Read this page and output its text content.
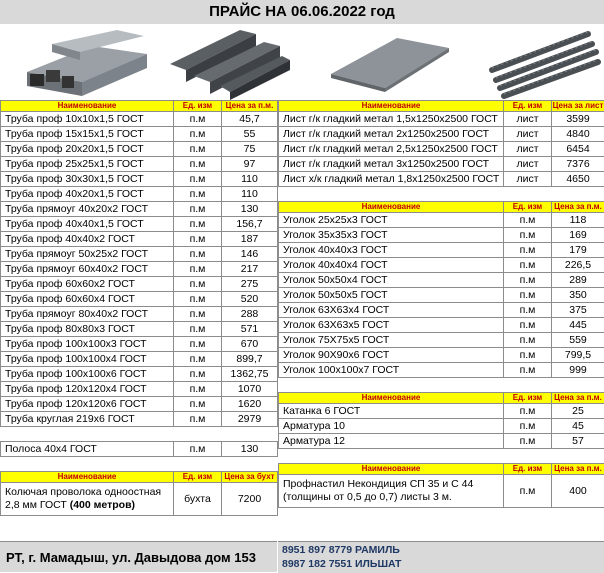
ПРАЙС НА 06.06.2022 год
Наименование	Ед. изм	Цена за п.м.
Труба проф 10х10х1,5 ГОСТ	п.м	45,7
Труба проф 15х15х1,5 ГОСТ	п.м	55
Труба проф 20х20х1,5 ГОСТ	п.м	75
Труба проф 25х25х1,5 ГОСТ	п.м	97
Труба проф 30х30х1,5 ГОСТ	п.м	110
Труба проф 40х20х1,5 ГОСТ	п.м	110
Труба прямоуг 40х20х2 ГОСТ	п.м	130
Труба проф 40х40х1,5 ГОСТ	п.м	156,7
Труба проф 40х40х2 ГОСТ	п.м	187
Труба прямоуг 50х25х2 ГОСТ	п.м	146
Труба прямоуг 60х40х2 ГОСТ	п.м	217
Труба проф 60х60х2 ГОСТ	п.м	275
Труба проф 60х60х4 ГОСТ	п.м	520
Труба прямоуг 80х40х2 ГОСТ	п.м	288
Труба проф 80х80х3 ГОСТ	п.м	571
Труба проф 100х100х3 ГОСТ	п.м	670
Труба проф 100х100х4 ГОСТ	п.м	899,7
Труба проф 100х100х6 ГОСТ	п.м	1362,75
Труба проф 120х120х4 ГОСТ	п.м	1070
Труба проф 120х120х6 ГОСТ	п.м	1620
Труба круглая 219х6 ГОСТ	п.м	2979

Полоса 40х4 ГОСТ	п.м	130

Наименование	Ед. изм	Цена за бухт
Колючая проволока одноостная
2,8 мм ГОСТ (400 метров)	бухта	7200
Наименование	Ед. изм	Цена за лист
Лист г/к гладкий метал 1,5х1250х2500 ГОСТ	лист	3599
Лист г/к гладкий метал 2х1250х2500 ГОСТ	лист	4840
Лист г/к гладкий метал 2,5х1250х2500 ГОСТ	лист	6454
Лист г/к гладкий метал 3х1250х2500 ГОСТ	лист	7376
Лист х/к гладкий метал 1,8х1250х2500 ГОСТ	лист	4650

Наименование	Ед. изм	Цена за п.м.
Уголок 25х25х3 ГОСТ	п.м	118
Уголок 35х35х3 ГОСТ	п.м	169
Уголок 40х40х3 ГОСТ	п.м	179
Уголок 40х40х4 ГОСТ	п.м	226,5
Уголок 50х50х4 ГОСТ	п.м	289
Уголок 50х50х5 ГОСТ	п.м	350
Уголок 63Х63х4 ГОСТ	п.м	375
Уголок 63Х63х5 ГОСТ	п.м	445
Уголок 75Х75х5 ГОСТ	п.м	559
Уголок 90Х90х6 ГОСТ	п.м	799,5
Уголок 100х100х7 ГОСТ	п.м	999

Наименование	Ед. изм	Цена за п.м.
Катанка 6 ГОСТ	п.м	25
Арматура 10	п.м	45
Арматура 12	п.м	57

Наименование	Ед. изм	Цена за п.м.
Профнастил Некондиция СП 35 и С 44
(толщины от 0,5 до 0,7) листы 3 м.	п.м	400
РТ, г. Мамадыш, ул. Давыдова дом 153	8951 897 8779 РАМИЛЬ
8987 182 7551 ИЛЬШАТ
